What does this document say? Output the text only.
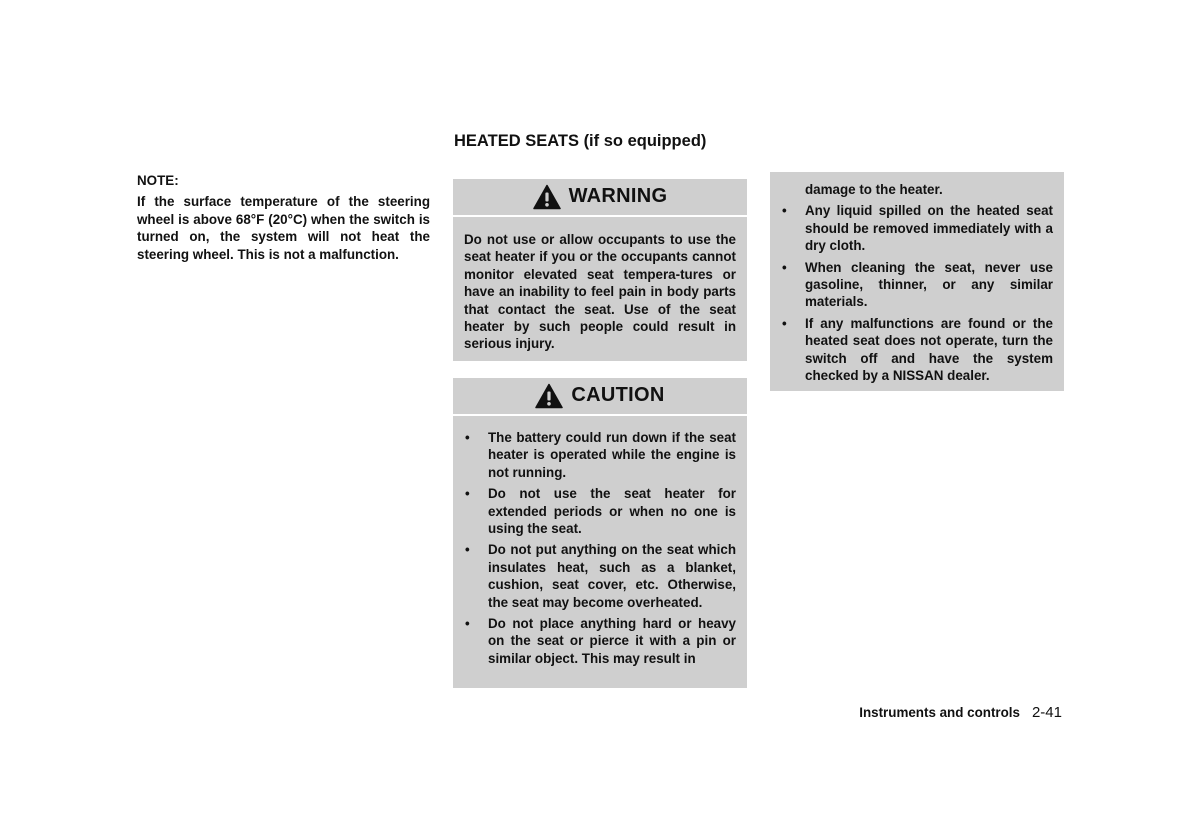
NOTE:

If the surface temperature of the steering wheel is above 68°F (20°C) when the switch is turned on, the system will not heat the steering wheel. This is not a malfunction.

HEATED SEATS (if so equipped)
WARNING

Do not use or allow occupants to use the seat heater if you or the occupants cannot monitor elevated seat tempera-tures or have an inability to feel pain in body parts that contact the seat. Use of the seat heater by such people could result in serious injury.

CAUTION
• The battery could run down if the seat heater is operated while the engine is not running.
• Do not use the seat heater for extended periods or when no one is using the seat.
• Do not put anything on the seat which insulates heat, such as a blanket, cushion, seat cover, etc. Otherwise, the seat may become overheated.
• Do not place anything hard or heavy on the seat or pierce it with a pin or similar object. This may result in

damage to the heater.

• Any liquid spilled on the heated seat should be removed immediately with a dry cloth.
• When cleaning the seat, never use gasoline, thinner, or any similar materials.
• If any malfunctions are found or the heated seat does not operate, turn the switch off and have the system checked by a NISSAN dealer.
Instruments and controls 2-41
